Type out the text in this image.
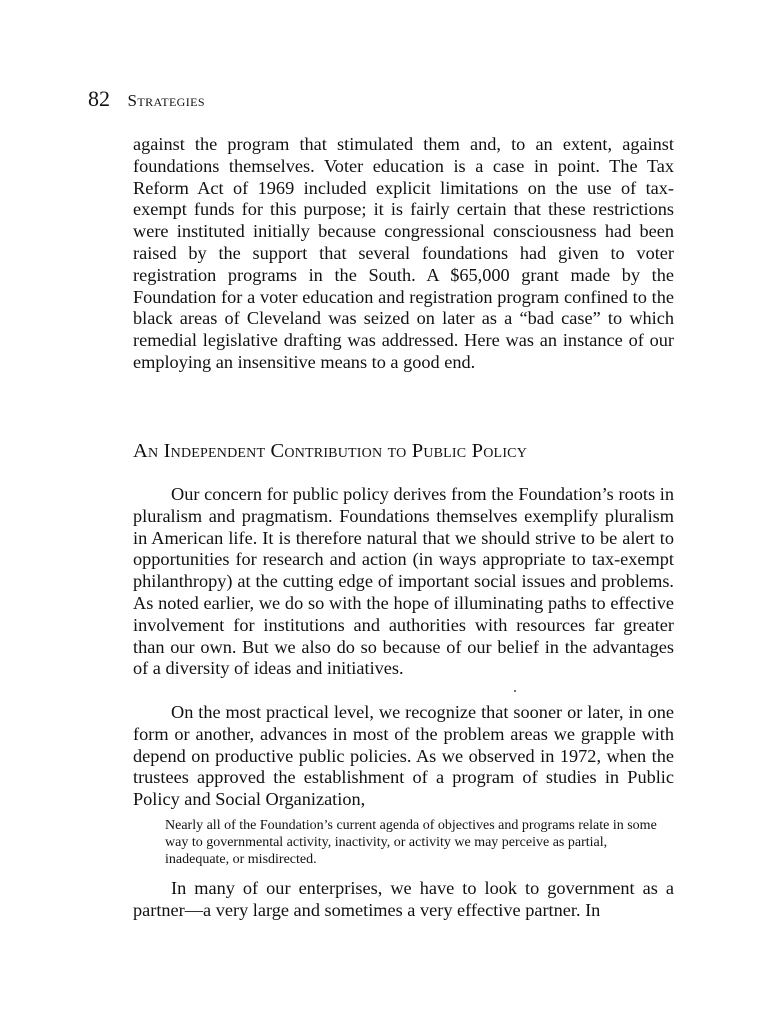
82 Strategies

against the program that stimulated them and, to an extent, against foundations themselves. Voter education is a case in point. The Tax Reform Act of 1969 included explicit limitations on the use of tax-exempt funds for this purpose; it is fairly certain that these restrictions were instituted initially because congressional consciousness had been raised by the support that several foundations had given to voter registration programs in the South. A $65,000 grant made by the Foundation for a voter education and registration program confined to the black areas of Cleveland was seized on later as a “bad case” to which remedial legislative drafting was addressed. Here was an instance of our employing an insensitive means to a good end.

An Independent Contribution to Public Policy

Our concern for public policy derives from the Foundation’s roots in pluralism and pragmatism. Foundations themselves exemplify pluralism in American life. It is therefore natural that we should strive to be alert to opportunities for research and action (in ways appropriate to tax-exempt philanthropy) at the cutting edge of important social issues and problems. As noted earlier, we do so with the hope of illuminating paths to effective involvement for institutions and authorities with resources far greater than our own. But we also do so because of our belief in the advantages of a diversity of ideas and initiatives.

On the most practical level, we recognize that sooner or later, in one form or another, advances in most of the problem areas we grapple with depend on productive public policies. As we observed in 1972, when the trustees approved the establishment of a program of studies in Public Policy and Social Organization,

Nearly all of the Foundation’s current agenda of objectives and programs relate in some way to governmental activity, inactivity, or activity we may perceive as partial, inadequate, or misdirected.

In many of our enterprises, we have to look to government as a partner—a very large and sometimes a very effective partner. In
